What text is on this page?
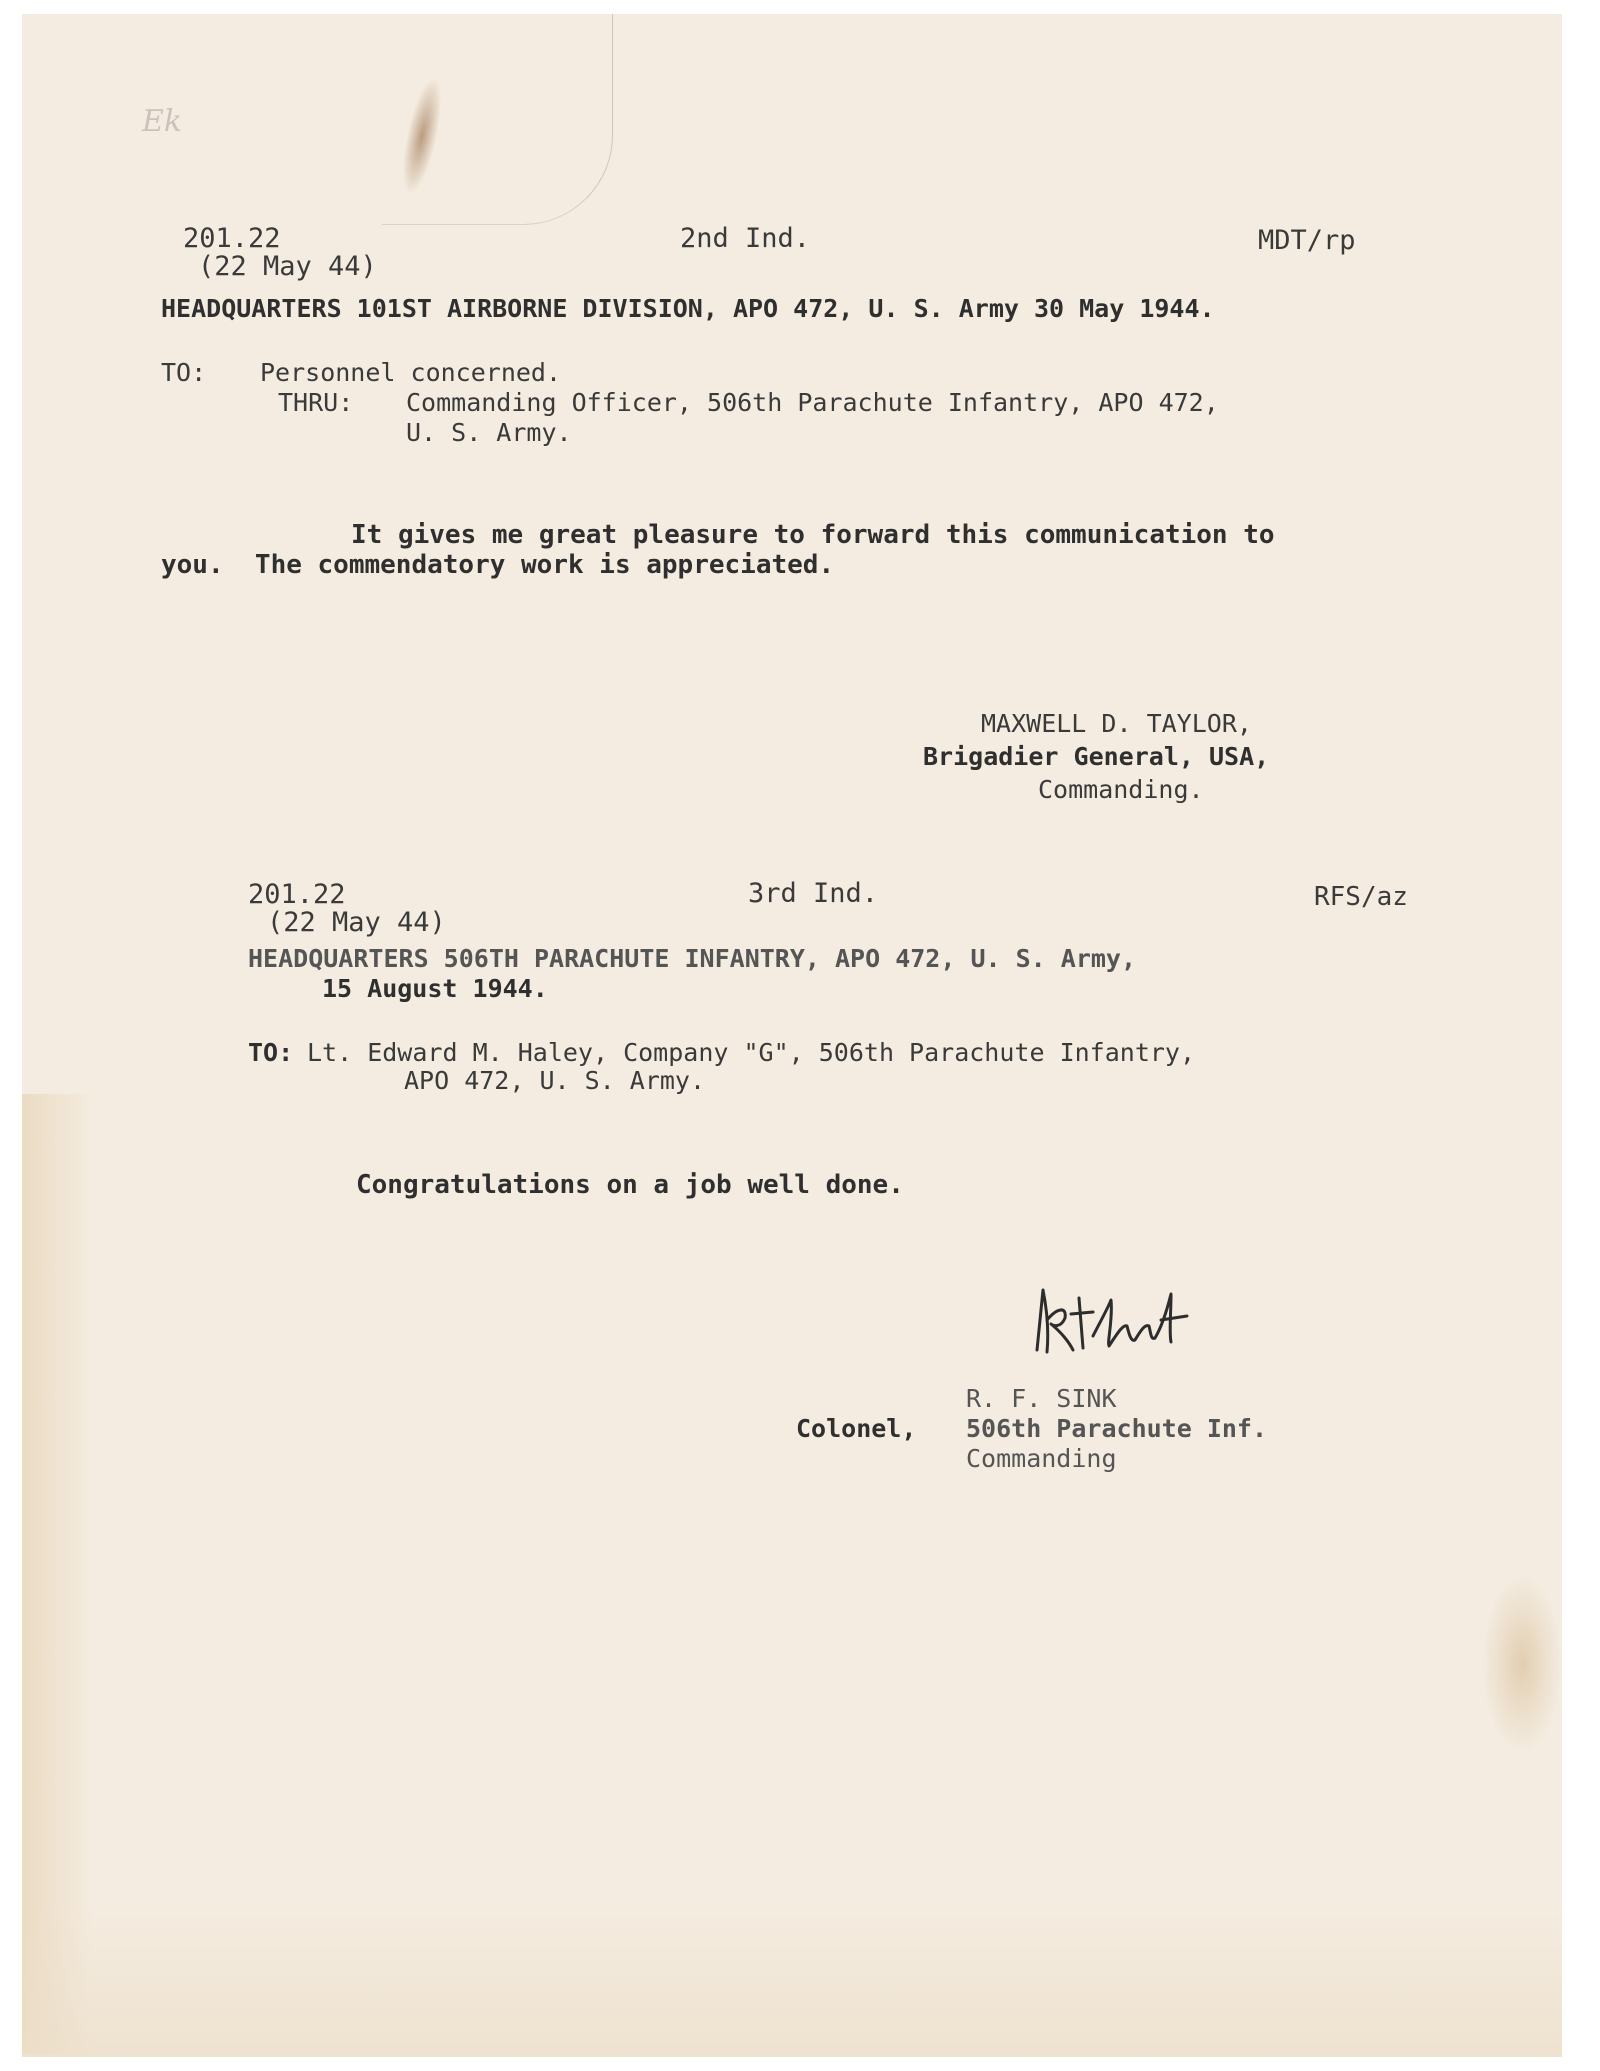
Ek
201.22	2nd Ind.	MDT/rp
(22 May 44)
HEADQUARTERS 101ST AIRBORNE DIVISION, APO 472, U. S. Army 30 May 1944.
TO: Personnel concerned.
THRU: Commanding Officer, 506th Parachute Infantry, APO 472,
U. S. Army.
It gives me great pleasure to forward this communication to
you.  The commendatory work is appreciated.
MAXWELL D. TAYLOR,
Brigadier General, USA,
Commanding.
201.22	3rd Ind.	RFS/az
(22 May 44)
HEADQUARTERS 506TH PARACHUTE INFANTRY, APO 472, U. S. Army,
15 August 1944.
TO: Lt. Edward M. Haley, Company "G", 506th Parachute Infantry,
APO 472, U. S. Army.
Congratulations on a job well done.
R. F. SINK
Colonel, 506th Parachute Inf.
Commanding
